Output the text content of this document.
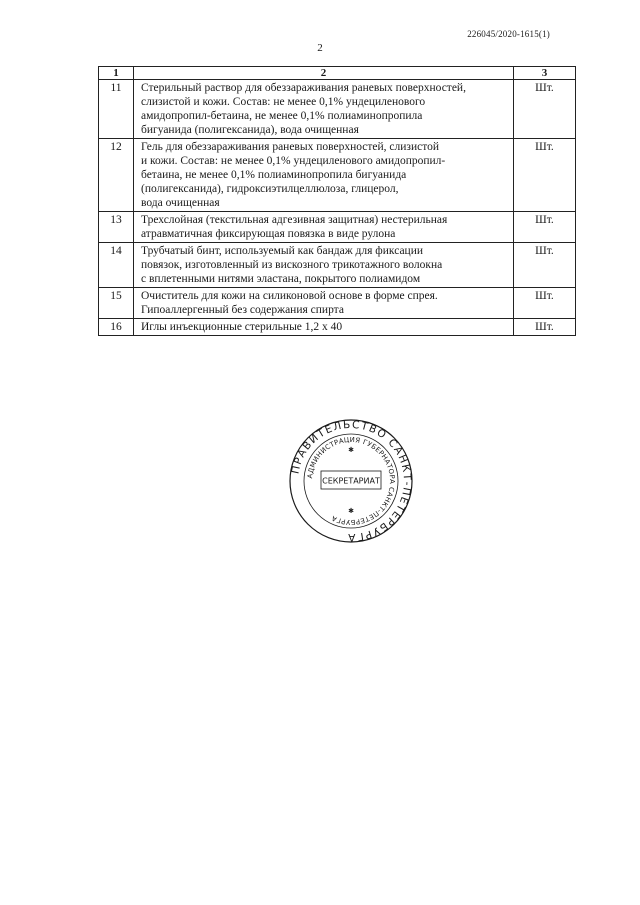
226045/2020-1615(1)
2
1	2	3
11	Стерильный раствор для обеззараживания раневых поверхностей,
слизистой и кожи. Состав: не менее 0,1% ундециленового
амидопропил-бетаина, не менее 0,1% полиаминопропила
бигуанида (полигексанида), вода очищенная	Шт.
12	Гель для обеззараживания раневых поверхностей, слизистой
и кожи. Состав: не менее 0,1% ундециленового амидопропил-
бетаина, не менее 0,1% полиаминопропила бигуанида
(полигексанида), гидроксиэтилцеллюлоза, глицерол,
вода очищенная	Шт.
13	Трехслойная (текстильная адгезивная защитная) нестерильная
атравматичная фиксирующая повязка в виде рулона	Шт.
14	Трубчатый бинт, используемый как бандаж для фиксации
повязок, изготовленный из вискозного трикотажного волокна
с вплетенными нитями эластана, покрытого полиамидом	Шт.
15	Очиститель для кожи на силиконовой основе в форме спрея.
Гипоаллергенный без содержания спирта	Шт.
16	Иглы инъекционные стерильные 1,2 х 40	Шт.
ПРАВИТЕЛЬСТВО САНКТ-ПЕТЕРБУРГА
АДМИНИСТРАЦИЯ ГУБЕРНАТОРА САНКТ-ПЕТЕРБУРГА
СЕКРЕТАРИАТ
✱
✱
